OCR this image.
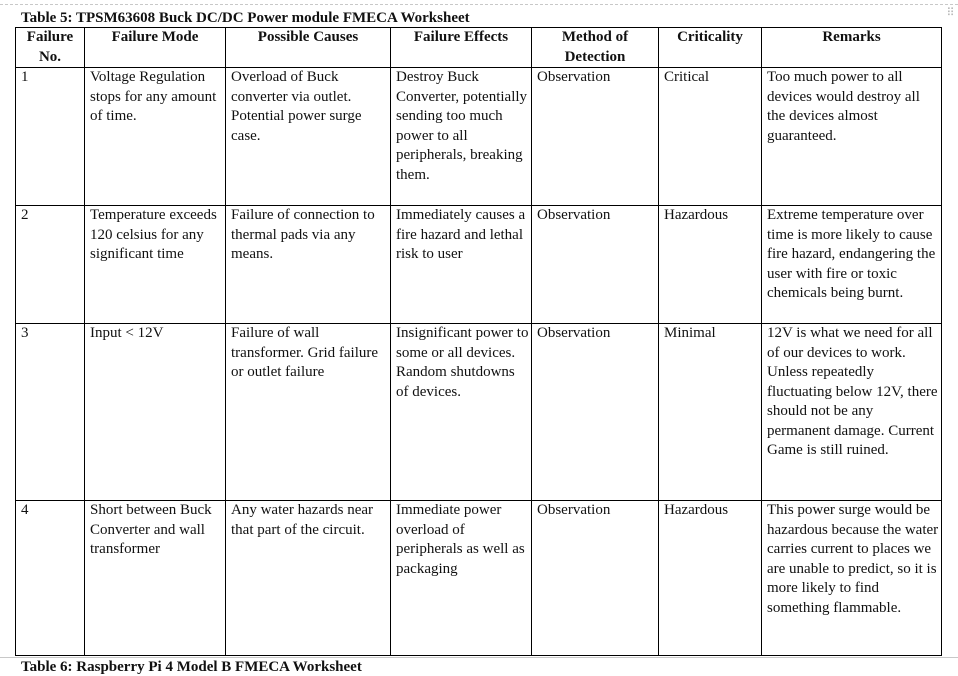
⠿
Table 5: TPSM63608 Buck DC/DC Power module FMECA Worksheet
Failure No.	Failure Mode	Possible Causes	Failure Effects	Method of Detection	Criticality	Remarks
1	Voltage Regulation stops for any amount of time.	Overload of Buck converter via outlet. Potential power surge case.	Destroy Buck Converter, potentially sending too much power to all peripherals, breaking them.	Observation	Critical	Too much power to all devices would destroy all the devices almost guaranteed.
2	Temperature exceeds 120 celsius for any significant time	Failure of connection to thermal pads via any means.	Immediately causes a fire hazard and lethal risk to user	Observation	Hazardous	Extreme temperature over time is more likely to cause fire hazard, endangering the user with fire or toxic chemicals being burnt.
3	Input < 12V	Failure of wall transformer. Grid failure or outlet failure	Insignificant power to some or all devices. Random shutdowns of devices.	Observation	Minimal	12V is what we need for all of our devices to work. Unless repeatedly fluctuating below 12V, there should not be any permanent damage. Current Game is still ruined.
4	Short between Buck Converter and wall transformer	Any water hazards near that part of the circuit.	Immediate power overload of peripherals as well as packaging	Observation	Hazardous	This power surge would be hazardous because the water carries current to places we are unable to predict, so it is more likely to find something flammable.
Table 6: Raspberry Pi 4 Model B FMECA Worksheet
